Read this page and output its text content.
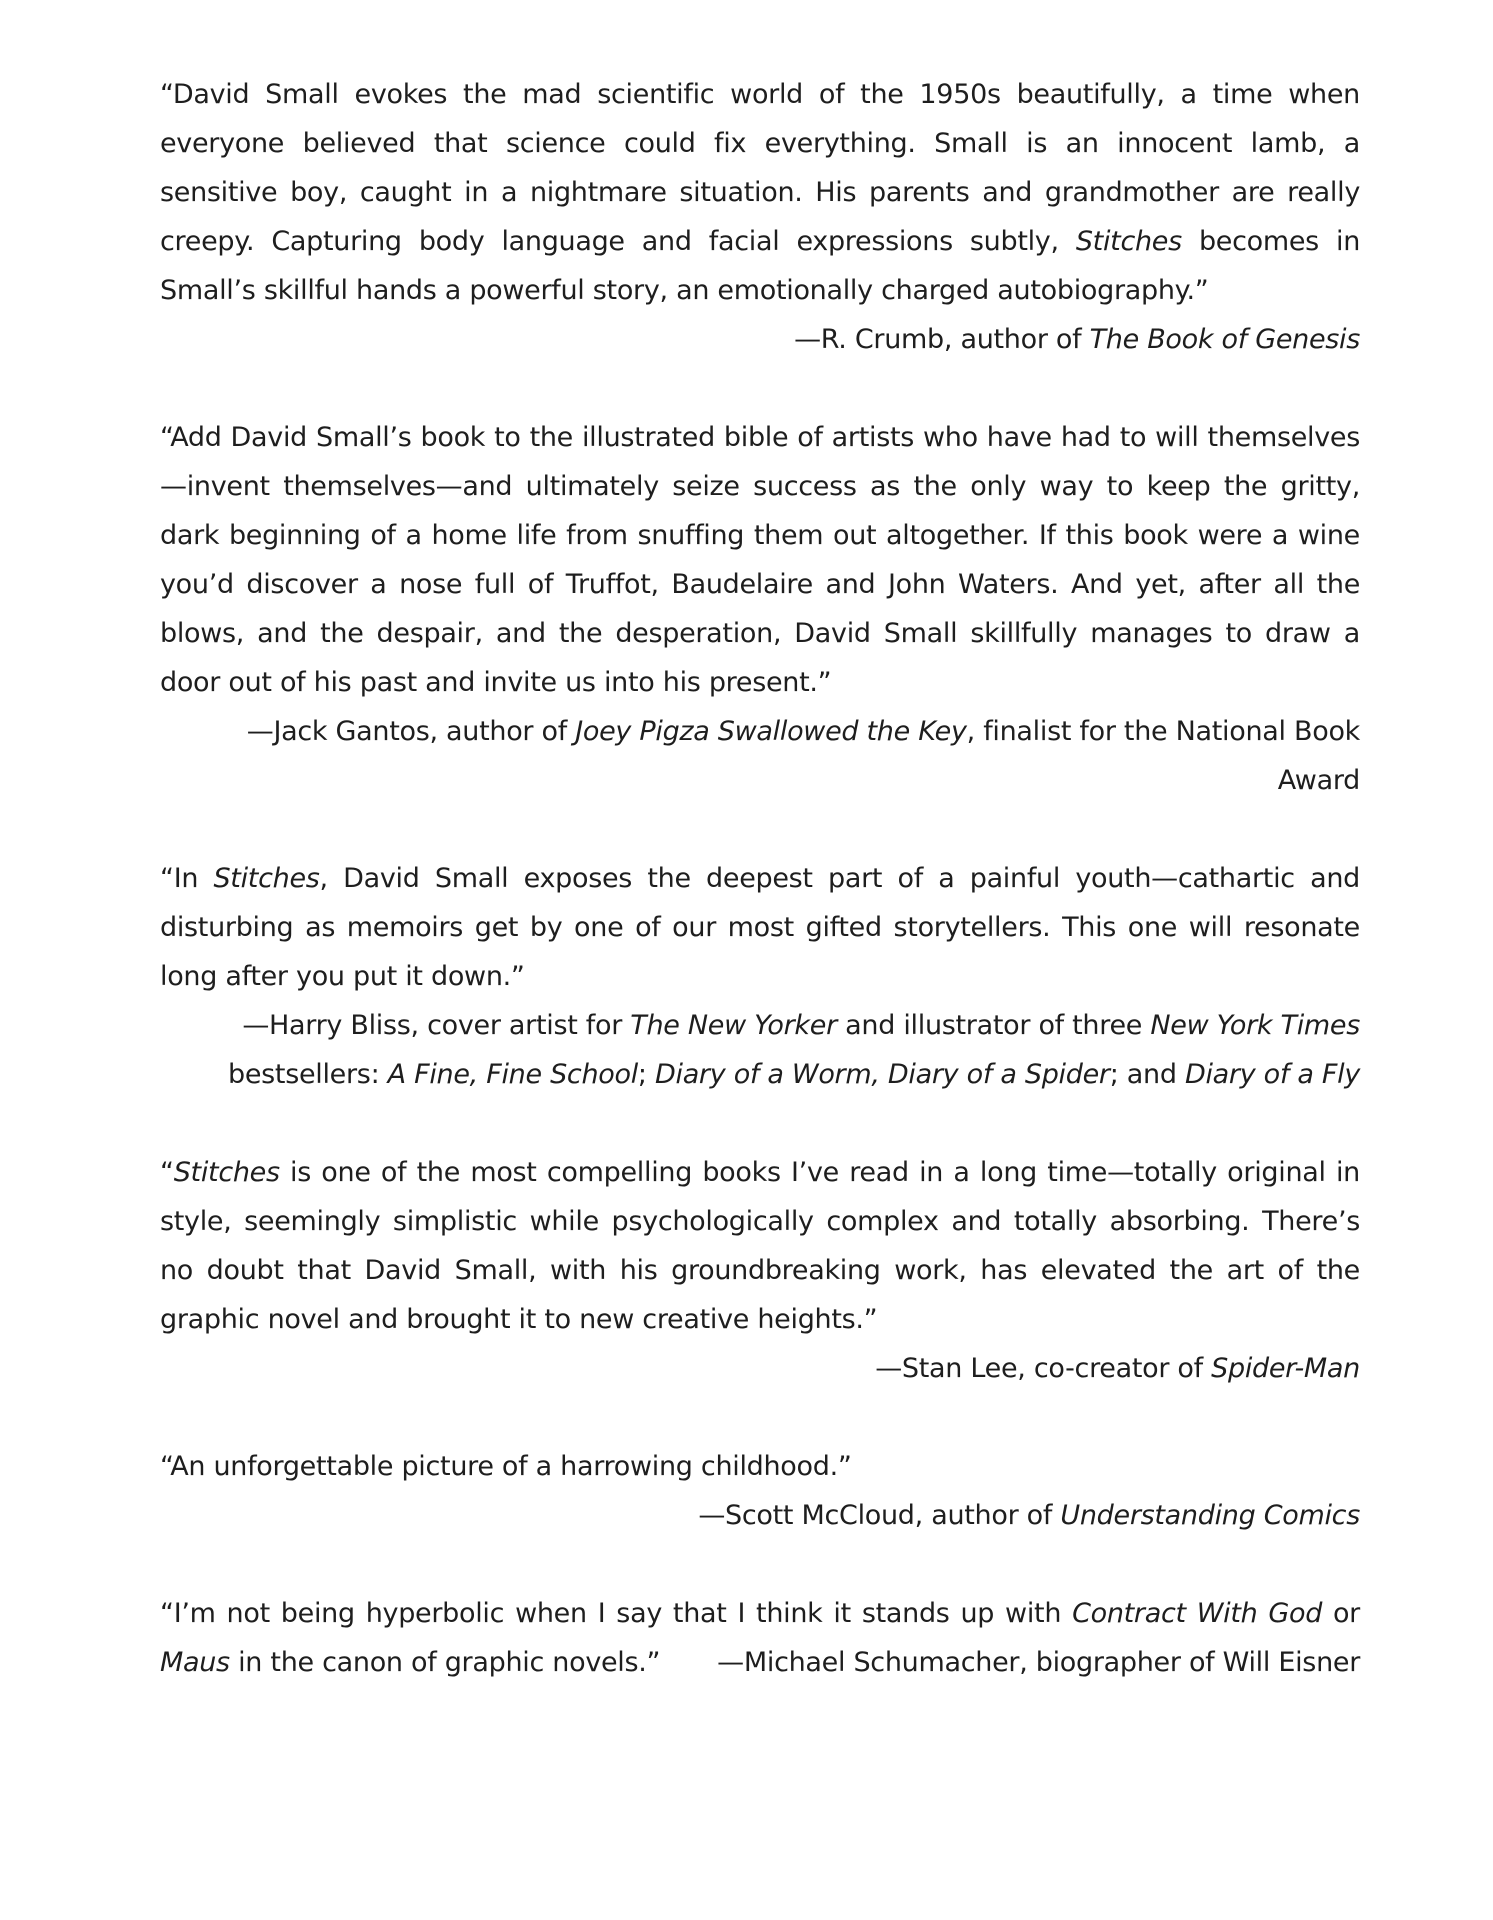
“David Small evokes the mad scientific world of the 1950s beautifully, a time when everyone believed that science could fix everything. Small is an innocent lamb, a sensitive boy, caught in a nightmare situation. His parents and grandmother are really creepy. Capturing body language and facial expressions subtly, Stitches becomes in Small’s skillful hands a powerful story, an emotionally charged autobiography.”
—R. Crumb, author of The Book of Genesis

“Add David Small’s book to the illustrated bible of artists who have had to will themselves—invent themselves—and ultimately seize success as the only way to keep the gritty, dark beginning of a home life from snuffing them out altogether. If this book were a wine you’d discover a nose full of Truffot, Baudelaire and John Waters. And yet, after all the blows, and the despair, and the desperation, David Small skillfully manages to draw a door out of his past and invite us into his present.”

—Jack Gantos, author of Joey Pigza Swallowed the Key, finalist for the National Book Award

“In Stitches, David Small exposes the deepest part of a painful youth—cathartic and disturbing as memoirs get by one of our most gifted storytellers. This one will resonate long after you put it down.”
—Harry Bliss, cover artist for The New Yorker and illustrator of three New York Times

bestsellers: A Fine, Fine School; Diary of a Worm, Diary of a Spider; and Diary of a Fly

“Stitches is one of the most compelling books I’ve read in a long time—totally original in style, seemingly simplistic while psychologically complex and totally absorbing. There’s no doubt that David Small, with his groundbreaking work, has elevated the art of the graphic novel and brought it to new creative heights.”
—Stan Lee, co-creator of Spider-Man

“An unforgettable picture of a harrowing childhood.”

—Scott McCloud, author of Understanding Comics

“I’m not being hyperbolic when I say that I think it stands up with Contract With God or Maus in the canon of graphic novels.”	—Michael Schumacher, biographer of Will Eisner
